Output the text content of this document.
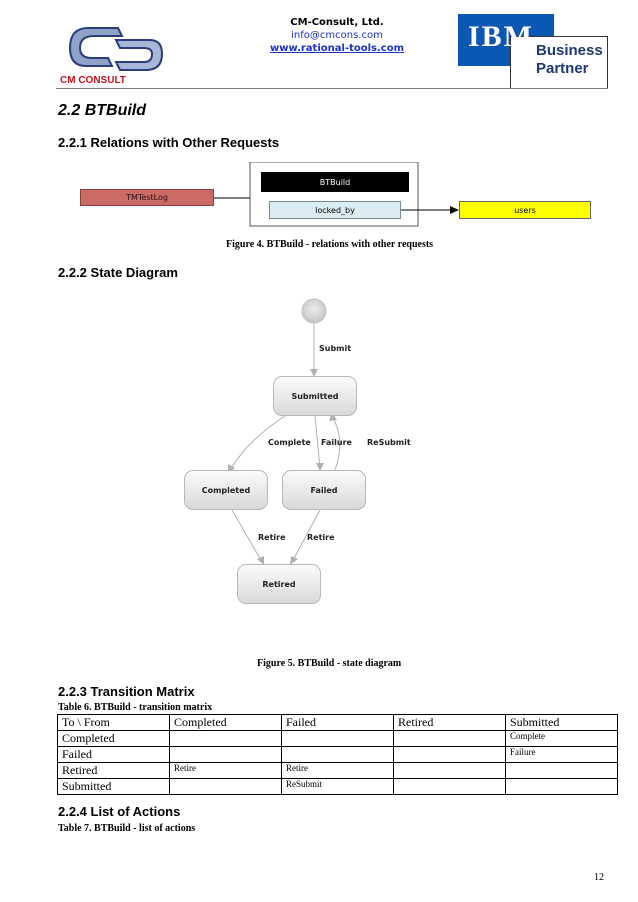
CM CONSULT
CM-Consult, Ltd.
info@cmcons.com
www.rational-tools.com	IBM Business
Partner
2.2 BTBuild
2.2.1 Relations with Other Requests
TMTestLog
BTBuild
locked_by	users
Figure 4. BTBuild - relations with other requests
2.2.2 State Diagram
Submitted
Completed	Failed
Retired
Submit
Complete Failure ReSubmit
Retire	Retire
Figure 5. BTBuild - state diagram
2.2.3 Transition Matrix
Table 6. BTBuild - transition matrix
To \ From	Completed	Failed	Retired	Submitted
Completed				Complete
Failed				Failure
Retired	Retire	Retire		
Submitted		ReSubmit		
2.2.4 List of Actions
Table 7. BTBuild - list of actions
12
